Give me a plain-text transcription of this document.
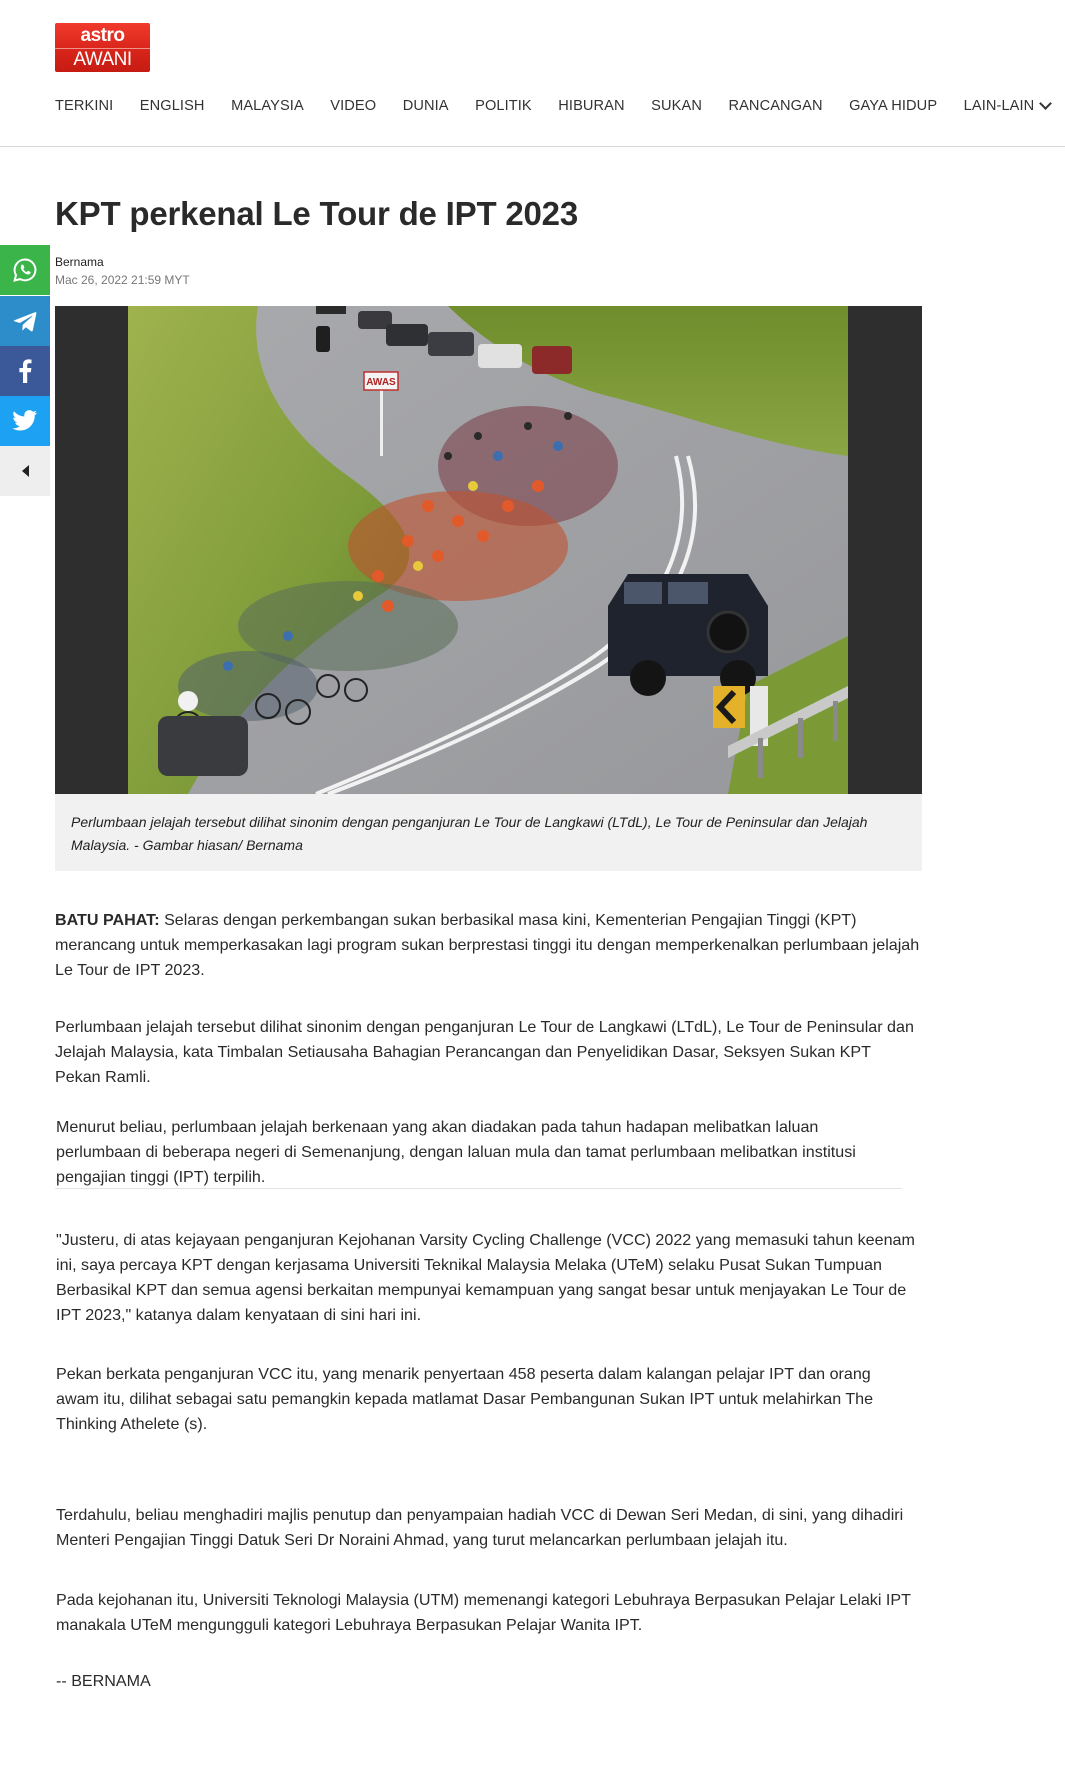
astro
AWANI
TERKINI ENGLISH MALAYSIA VIDEO DUNIA POLITIK HIBURAN SUKAN RANCANGAN GAYA HIDUP LAIN-LAIN
KPT perkenal Le Tour de IPT 2023
Bernama
Mac 26, 2022 21:59 MYT
AWAS

Perlumbaan jelajah tersebut dilihat sinonim dengan penganjuran Le Tour de Langkawi (LTdL), Le Tour de Peninsular dan Jelajah Malaysia. - Gambar hiasan/ Bernama

BATU PAHAT: Selaras dengan perkembangan sukan berbasikal masa kini, Kementerian Pengajian Tinggi (KPT) merancang untuk memperkasakan lagi program sukan berprestasi tinggi itu dengan memperkenalkan perlumbaan jelajah Le Tour de IPT 2023.

Perlumbaan jelajah tersebut dilihat sinonim dengan penganjuran Le Tour de Langkawi (LTdL), Le Tour de Peninsular dan Jelajah Malaysia, kata Timbalan Setiausaha Bahagian Perancangan dan Penyelidikan Dasar, Seksyen Sukan KPT Pekan Ramli.

Menurut beliau, perlumbaan jelajah berkenaan yang akan diadakan pada tahun hadapan melibatkan laluan perlumbaan di beberapa negeri di Semenanjung, dengan laluan mula dan tamat perlumbaan melibatkan institusi pengajian tinggi (IPT) terpilih.

"Justeru, di atas kejayaan penganjuran Kejohanan Varsity Cycling Challenge (VCC) 2022 yang memasuki tahun keenam ini, saya percaya KPT dengan kerjasama Universiti Teknikal Malaysia Melaka (UTeM) selaku Pusat Sukan Tumpuan Berbasikal KPT dan semua agensi berkaitan mempunyai kemampuan yang sangat besar untuk menjayakan Le Tour de IPT 2023," katanya dalam kenyataan di sini hari ini.

Pekan berkata penganjuran VCC itu, yang menarik penyertaan 458 peserta dalam kalangan pelajar IPT dan orang awam itu, dilihat sebagai satu pemangkin kepada matlamat Dasar Pembangunan Sukan IPT untuk melahirkan The Thinking Athelete (s).

Terdahulu, beliau menghadiri majlis penutup dan penyampaian hadiah VCC di Dewan Seri Medan, di sini, yang dihadiri Menteri Pengajian Tinggi Datuk Seri Dr Noraini Ahmad, yang turut melancarkan perlumbaan jelajah itu.

Pada kejohanan itu, Universiti Teknologi Malaysia (UTM) memenangi kategori Lebuhraya Berpasukan Pelajar Lelaki IPT manakala UTeM mengungguli kategori Lebuhraya Berpasukan Pelajar Wanita IPT.

-- BERNAMA
